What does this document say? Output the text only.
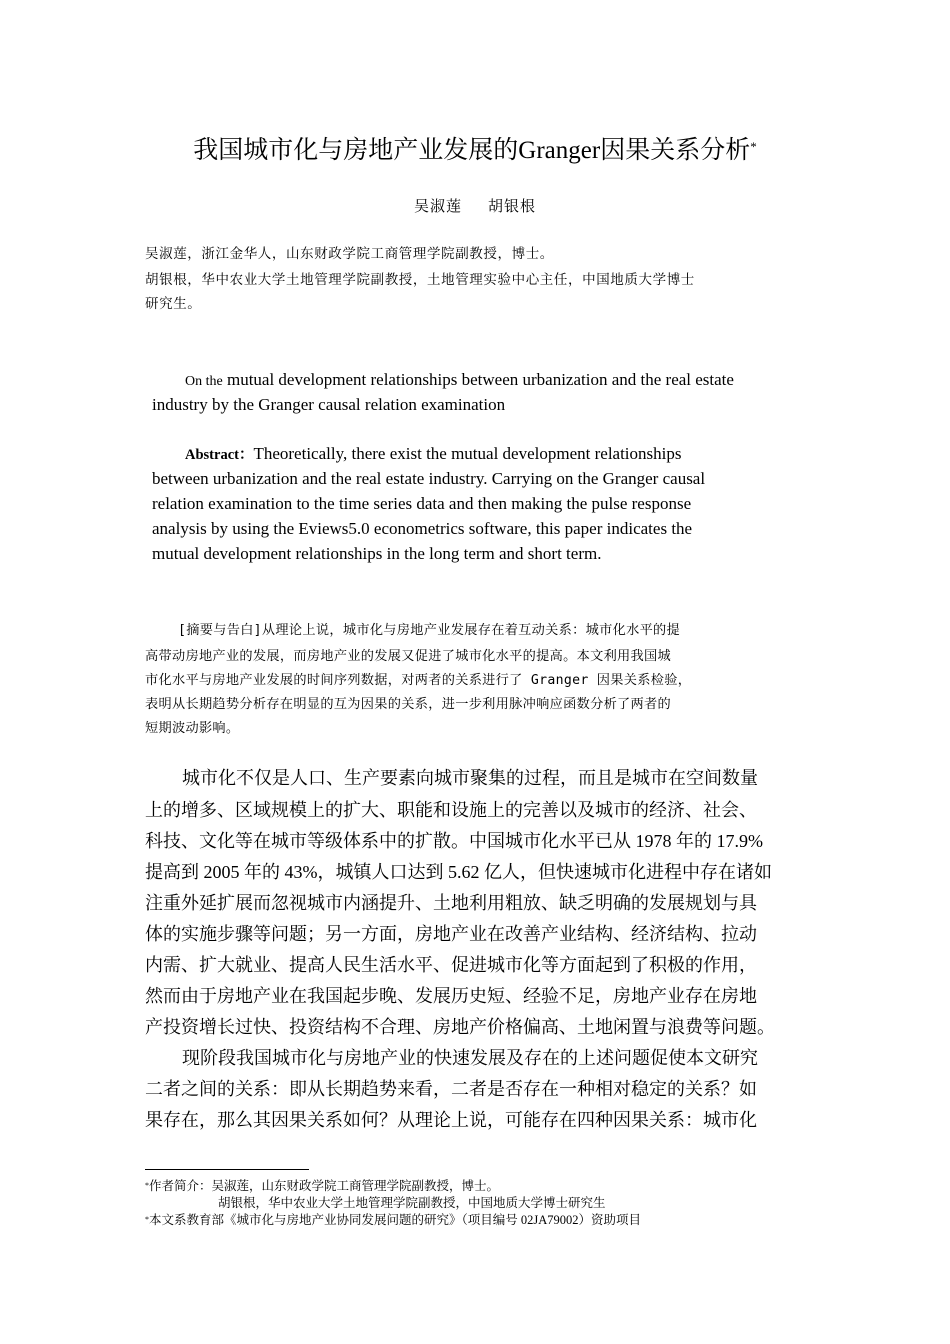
我国城市化与房地产业发展的Granger因果关系分析*
吴淑莲 胡银根
吴淑莲，浙江金华人，山东财政学院工商管理学院副教授，博士。
胡银根，华中农业大学土地管理学院副教授，土地管理实验中心主任，中国地质大学博士
研究生。
On the mutual development relationships between urbanization and the real estate
industry by the Granger causal relation examination
Abstract：Theoretically, there exist the mutual development relationships
between urbanization and the real estate industry. Carrying on the Granger causal
relation examination to the time series data and then making the pulse response
analysis by using the Eviews5.0 econometrics software, this paper indicates the
mutual development relationships in the long term and short term.
[摘要与告白]从理论上说，城市化与房地产业发展存在着互动关系：城市化水平的提
高带动房地产业的发展，而房地产业的发展又促进了城市化水平的提高。本文利用我国城
市化水平与房地产业发展的时间序列数据，对两者的关系进行了 Granger 因果关系检验，
表明从长期趋势分析存在明显的互为因果的关系，进一步利用脉冲响应函数分析了两者的
短期波动影响。
城市化不仅是人口、生产要素向城市聚集的过程，而且是城市在空间数量
上的增多、区域规模上的扩大、职能和设施上的完善以及城市的经济、社会、
科技、文化等在城市等级体系中的扩散。中国城市化水平已从 1978 年的 17.9%
提高到 2005 年的 43%，城镇人口达到 5.62 亿人，但快速城市化进程中存在诸如
注重外延扩展而忽视城市内涵提升、土地利用粗放、缺乏明确的发展规划与具
体的实施步骤等问题；另一方面，房地产业在改善产业结构、经济结构、拉动
内需、扩大就业、提高人民生活水平、促进城市化等方面起到了积极的作用，
然而由于房地产业在我国起步晚、发展历史短、经验不足，房地产业存在房地
产投资增长过快、投资结构不合理、房地产价格偏高、土地闲置与浪费等问题。
现阶段我国城市化与房地产业的快速发展及存在的上述问题促使本文研究
二者之间的关系：即从长期趋势来看，二者是否存在一种相对稳定的关系？如
果存在，那么其因果关系如何？从理论上说，可能存在四种因果关系：城市化
*作者简介：吴淑莲，山东财政学院工商管理学院副教授，博士。
胡银根，华中农业大学土地管理学院副教授，中国地质大学博士研究生
*本文系教育部《城市化与房地产业协同发展问题的研究》（项目编号 02JA79002）资助项目
